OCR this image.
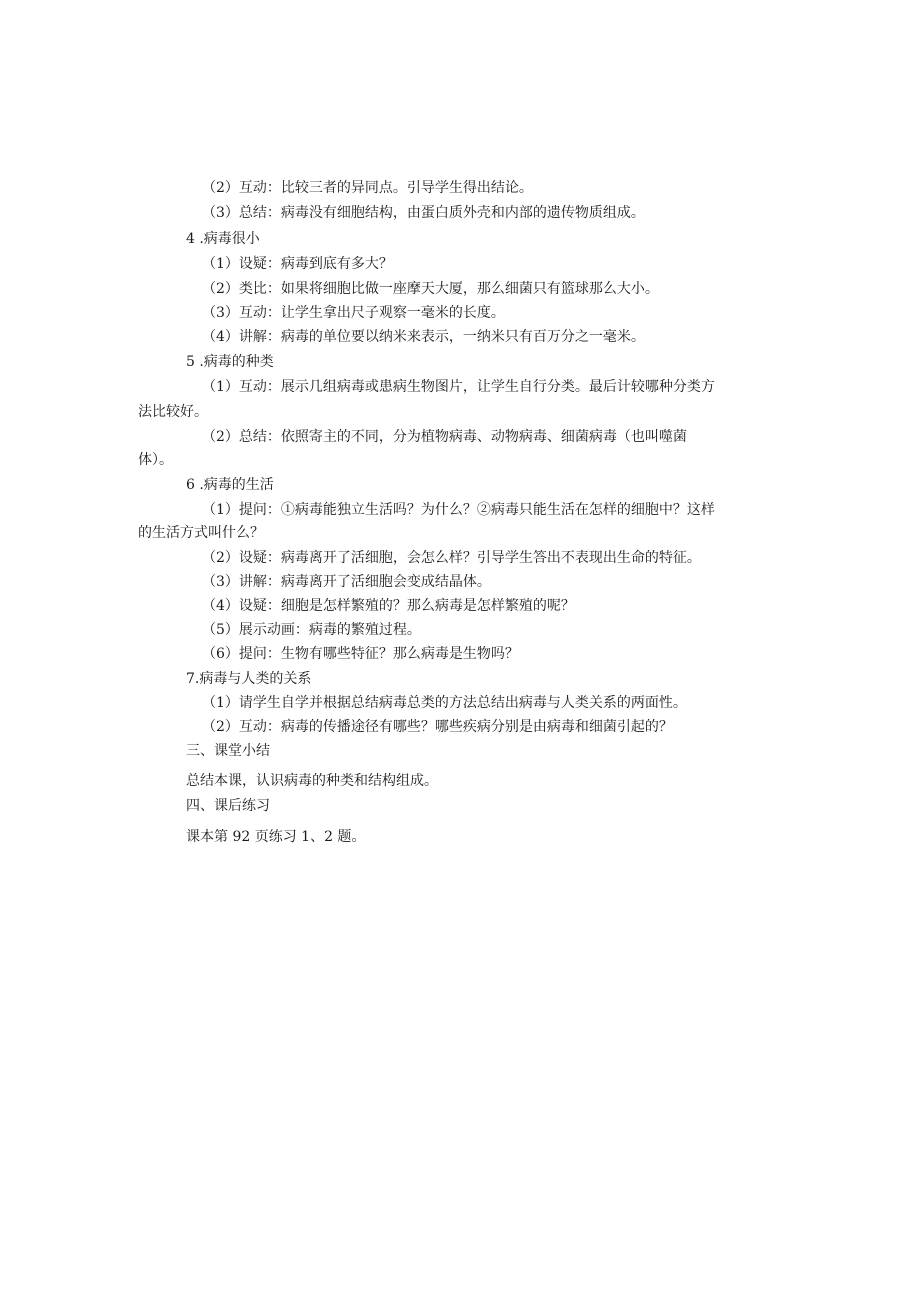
（2）互动：比较三者的异同点。引导学生得出结论。

（3）总结：病毒没有细胞结构，由蛋白质外壳和内部的遗传物质组成。

4 .病毒很小

（1）设疑：病毒到底有多大？

（2）类比：如果将细胞比做一座摩天大厦，那么细菌只有篮球那么大小。

（3）互动：让学生拿出尺子观察一毫米的长度。

（4）讲解：病毒的单位要以纳米来表示，一纳米只有百万分之一毫米。

5 .病毒的种类

（1）互动：展示几组病毒或患病生物图片，让学生自行分类。最后计较哪种分类方

法比较好。

（2）总结：依照寄主的不同，分为植物病毒、动物病毒、细菌病毒（也叫噬菌

体）。

6 .病毒的生活

（1）提问：①病毒能独立生活吗？为什么？②病毒只能生活在怎样的细胞中？这样

的生活方式叫什么？

（2）设疑：病毒离开了活细胞，会怎么样？引导学生答出不表现出生命的特征。

（3）讲解：病毒离开了活细胞会变成结晶体。

（4）设疑：细胞是怎样繁殖的？那么病毒是怎样繁殖的呢？

（5）展示动画：病毒的繁殖过程。

（6）提问：生物有哪些特征？那么病毒是生物吗？

7.病毒与人类的关系

（1）请学生自学并根据总结病毒总类的方法总结出病毒与人类关系的两面性。

（2）互动：病毒的传播途径有哪些？哪些疾病分别是由病毒和细菌引起的？

三、课堂小结

总结本课，认识病毒的种类和结构组成。

四、课后练习

课本第 92 页练习 1、2 题。
